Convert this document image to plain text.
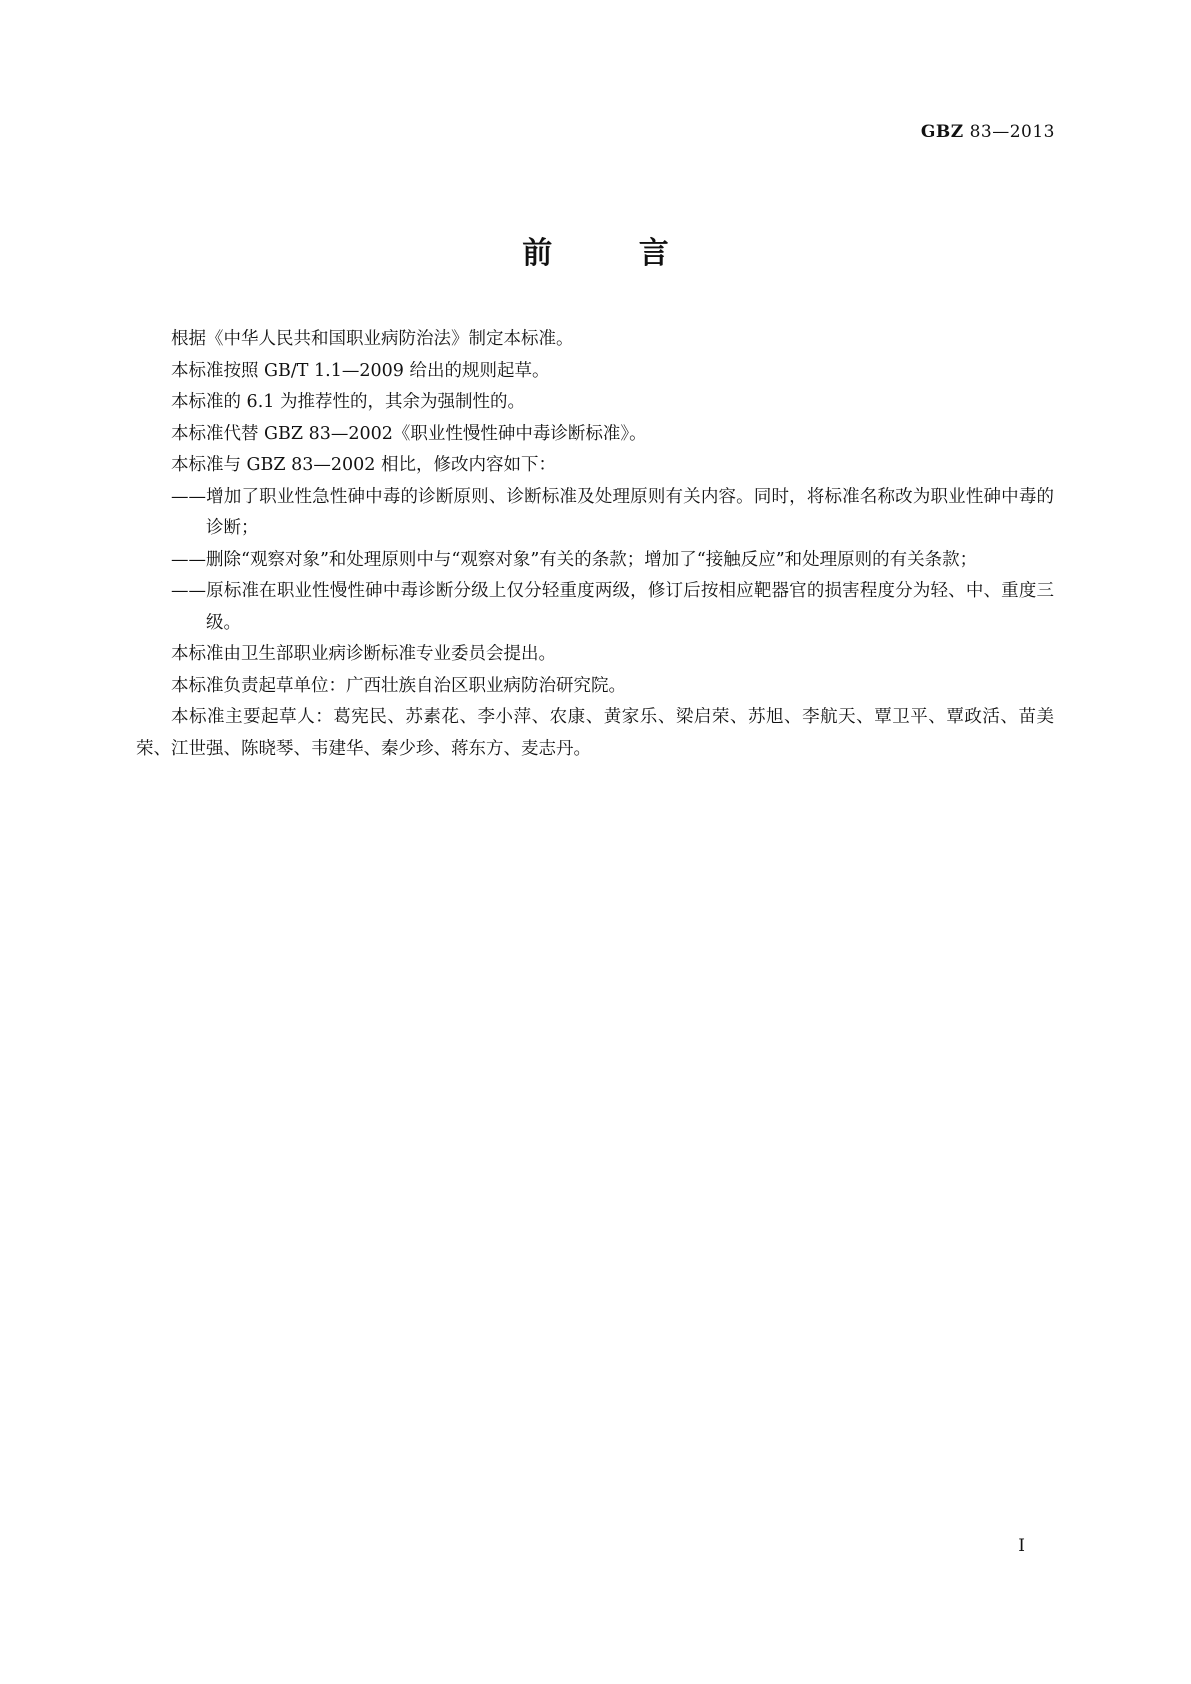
GBZ 83—2013
前 言

根据《中华人民共和国职业病防治法》制定本标准。

本标准按照 GB/T 1.1—2009 给出的规则起草。

本标准的 6.1 为推荐性的，其余为强制性的。

本标准代替 GBZ 83—2002《职业性慢性砷中毒诊断标准》。

本标准与 GBZ 83—2002 相比，修改内容如下：

——增加了职业性急性砷中毒的诊断原则、诊断标准及处理原则有关内容。同时，将标准名称改为职业性砷中毒的诊断；

——删除“观察对象”和处理原则中与“观察对象”有关的条款；增加了“接触反应”和处理原则的有关条款；

——原标准在职业性慢性砷中毒诊断分级上仅分轻重度两级，修订后按相应靶器官的损害程度分为轻、中、重度三级。

本标准由卫生部职业病诊断标准专业委员会提出。

本标准负责起草单位：广西壮族自治区职业病防治研究院。

本标准主要起草人：葛宪民、苏素花、李小萍、农康、黄家乐、梁启荣、苏旭、李航天、覃卫平、覃政活、苗美荣、江世强、陈晓琴、韦建华、秦少珍、蒋东方、麦志丹。

I
